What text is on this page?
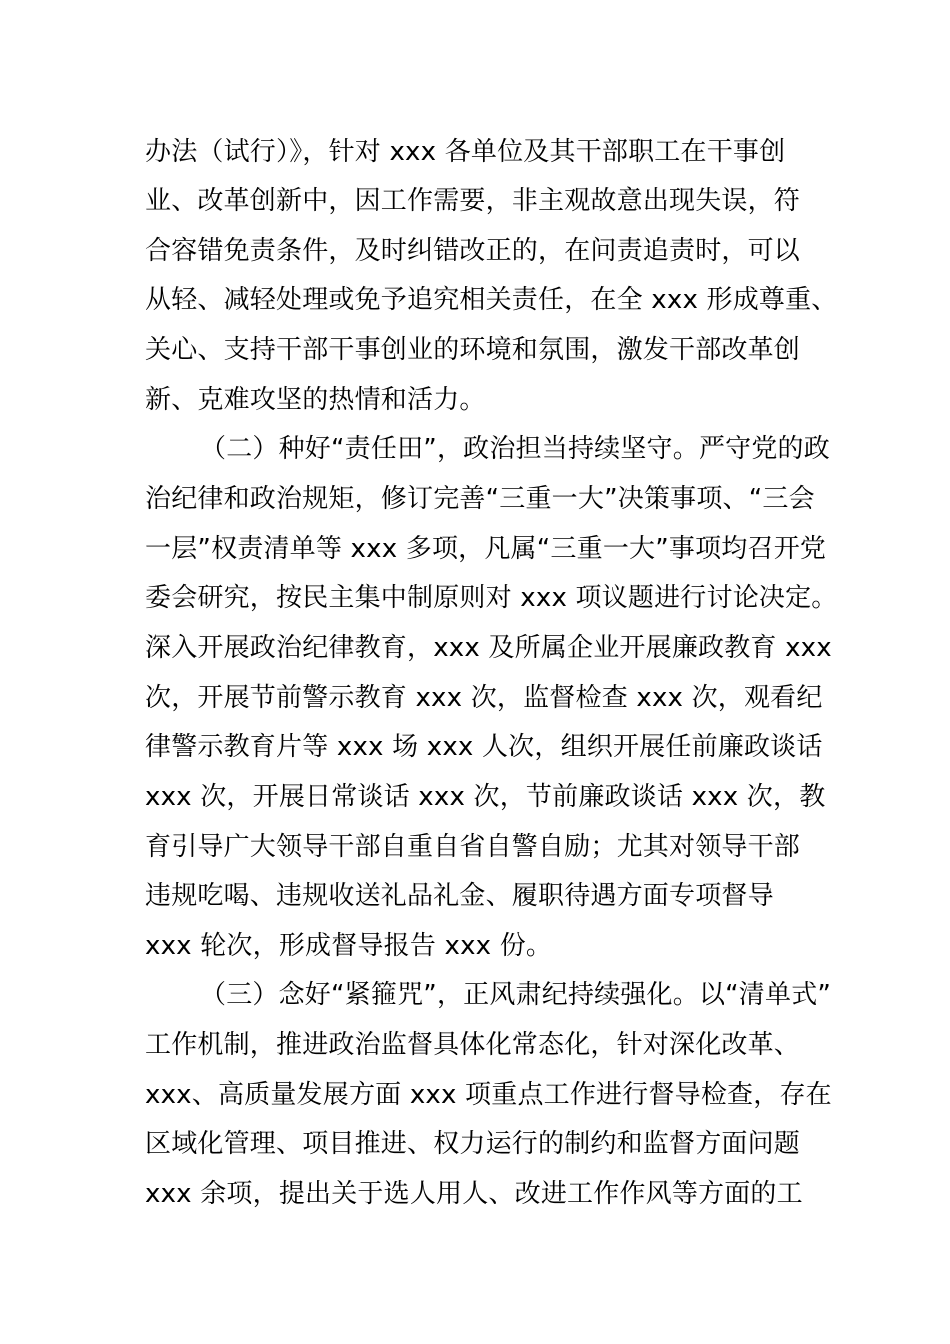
办法（试行）》，针对 xxx 各单位及其干部职工在干事创
业、改革创新中，因工作需要，非主观故意出现失误，符
合容错免责条件，及时纠错改正的，在问责追责时，可以
从轻、减轻处理或免予追究相关责任，在全 xxx 形成尊重、
关心、支持干部干事创业的环境和氛围，激发干部改革创
新、克难攻坚的热情和活力。
（二）种好“责任田”，政治担当持续坚守。严守党的政
治纪律和政治规矩，修订完善“三重一大”决策事项、“三会
一层”权责清单等 xxx 多项，凡属“三重一大”事项均召开党
委会研究，按民主集中制原则对 xxx 项议题进行讨论决定。
深入开展政治纪律教育，xxx 及所属企业开展廉政教育 xxx
次，开展节前警示教育 xxx 次，监督检查 xxx 次，观看纪
律警示教育片等 xxx 场 xxx 人次，组织开展任前廉政谈话
xxx 次，开展日常谈话 xxx 次，节前廉政谈话 xxx 次，教
育引导广大领导干部自重自省自警自励；尤其对领导干部
违规吃喝、违规收送礼品礼金、履职待遇方面专项督导
xxx 轮次，形成督导报告 xxx 份。
（三）念好“紧箍咒”，正风肃纪持续强化。以“清单式”
工作机制，推进政治监督具体化常态化，针对深化改革、
xxx、高质量发展方面 xxx 项重点工作进行督导检查，存在
区域化管理、项目推进、权力运行的制约和监督方面问题
xxx 余项，提出关于选人用人、改进工作作风等方面的工
